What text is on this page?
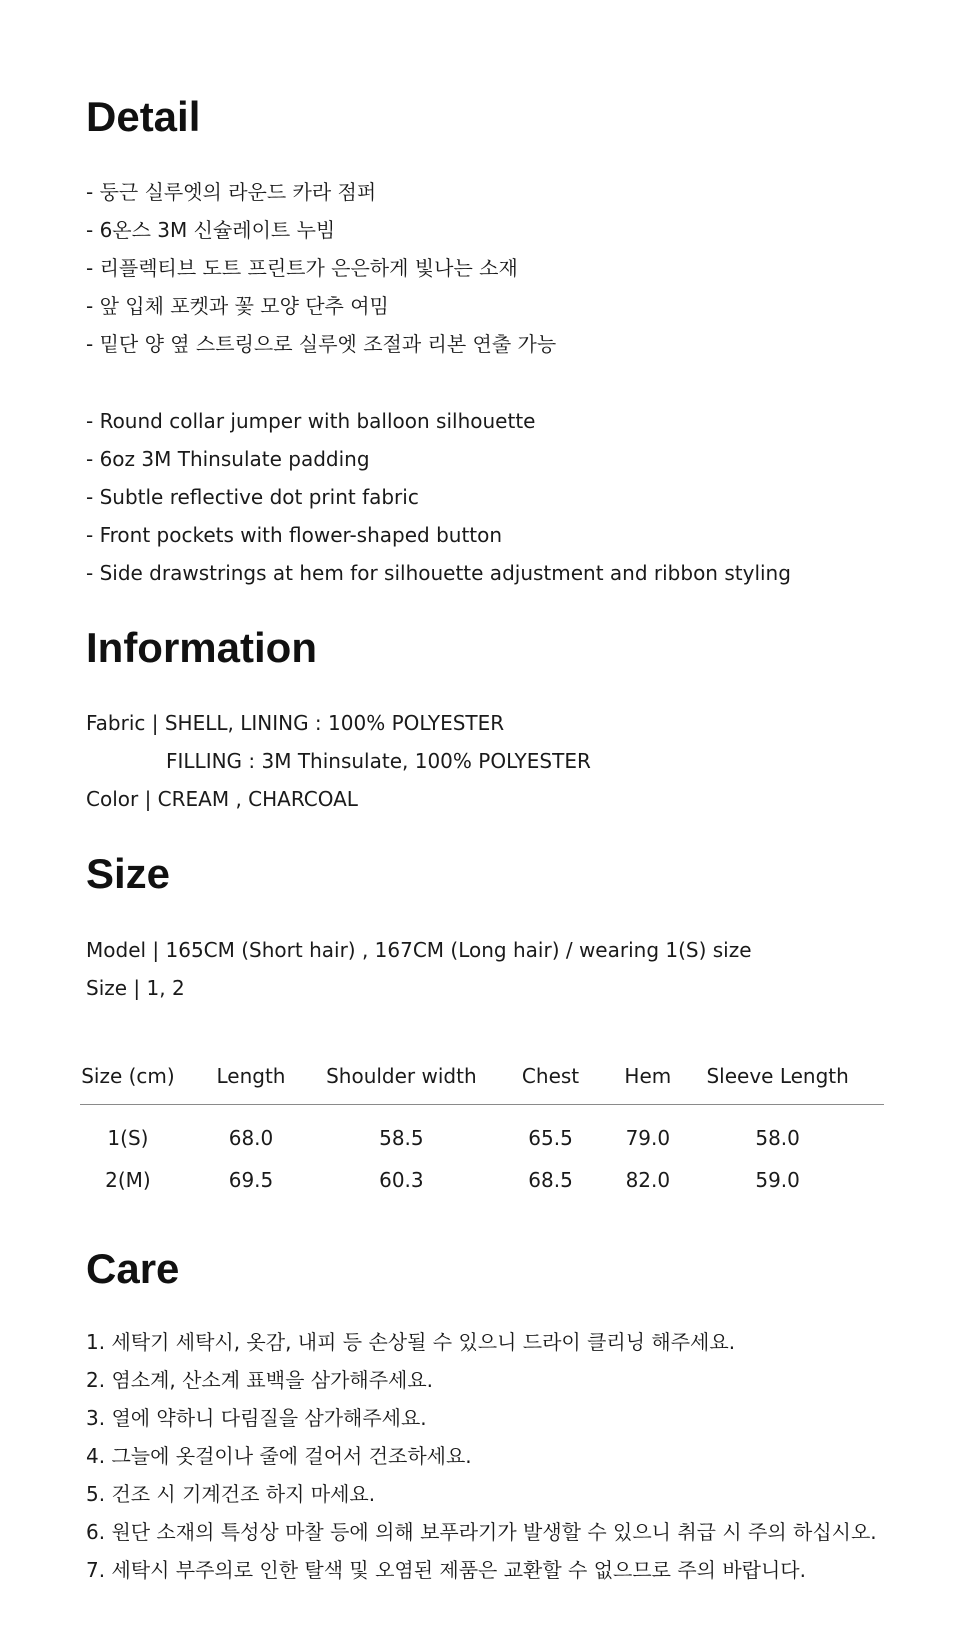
Detail
- 둥근 실루엣의 라운드 카라 점퍼
- 6온스 3M 신슐레이트 누빔
- 리플렉티브 도트 프린트가 은은하게 빛나는 소재
- 앞 입체 포켓과 꽃 모양 단추 여밈
- 밑단 양 옆 스트링으로 실루엣 조절과 리본 연출 가능
- Round collar jumper with balloon silhouette
- 6oz 3M Thinsulate padding
- Subtle reflective dot print fabric
- Front pockets with flower-shaped button
- Side drawstrings at hem for silhouette adjustment and ribbon styling
Information
Fabric | SHELL, LINING : 100% POLYESTER
FILLING : 3M Thinsulate, 100% POLYESTER
Color | CREAM , CHARCOAL
Size
Model | 165CM (Short hair) , 167CM (Long hair) / wearing 1(S) size
Size | 1, 2
Size (cm)	Length	Shoulder width	Chest	Hem	Sleeve Length
1(S)	68.0	58.5	65.5	79.0	58.0
2(M)	69.5	60.3	68.5	82.0	59.0
Care
1. 세탁기 세탁시, 옷감, 내피 등 손상될 수 있으니 드라이 클리닝 해주세요.
2. 염소계, 산소계 표백을 삼가해주세요.
3. 열에 약하니 다림질을 삼가해주세요.
4. 그늘에 옷걸이나 줄에 걸어서 건조하세요.
5. 건조 시 기계건조 하지 마세요.
6. 원단 소재의 특성상 마찰 등에 의해 보푸라기가 발생할 수 있으니 취급 시 주의 하십시오.
7. 세탁시 부주의로 인한 탈색 및 오염된 제품은 교환할 수 없으므로 주의 바랍니다.
